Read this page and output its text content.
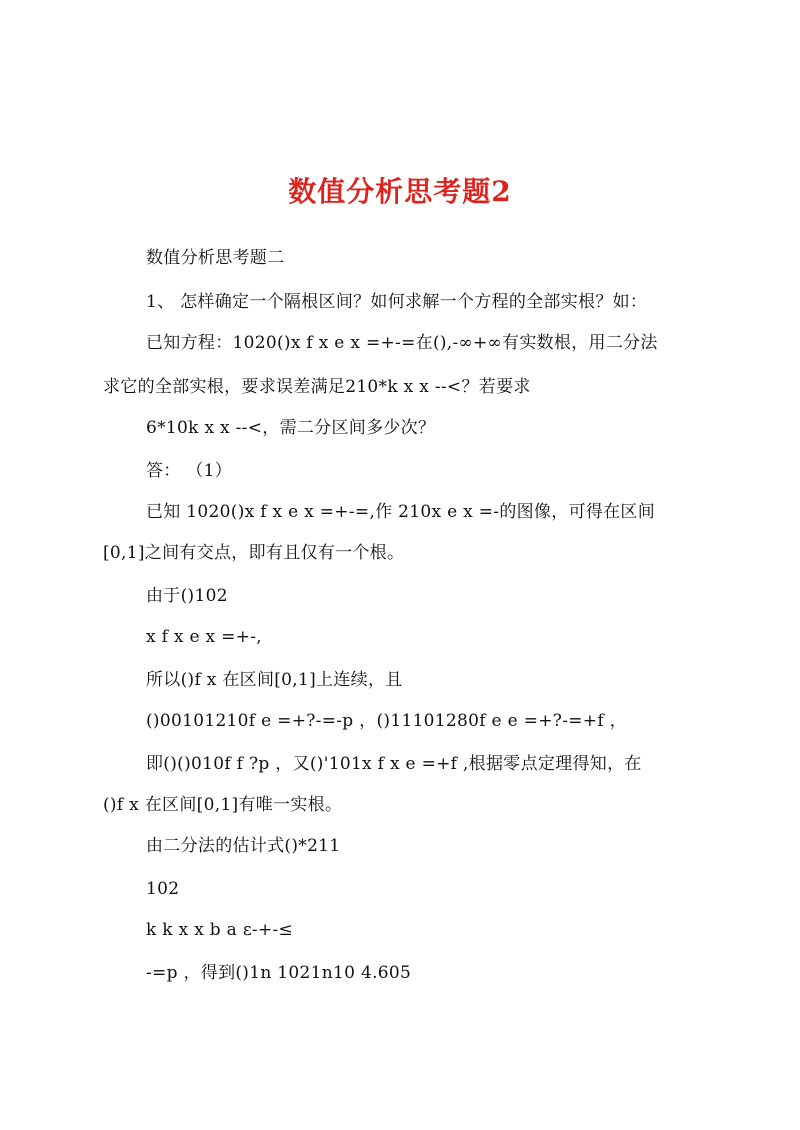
数值分析思考题2
数值分析思考题二
1、 怎样确定一个隔根区间？如何求解一个方程的全部实根？如：
已知方程：1020()x f x e x =+-=在(),-∞+∞有实数根，用二分法
求它的全部实根，要求误差满足210*k x x --<？若要求
6*10k x x --<，需二分区间多少次？
答： （1）
已知 1020()x f x e x =+-=,作 210x e x =-的图像，可得在区间
[0,1]之间有交点，即有且仅有一个根。
由于()102
x f x e x =+-,
所以()f x 在区间[0,1]上连续，且
()00101210f e =+?-=-p ，()11101280f e e =+?-=+f ，
即()()010f f ?p ，又()'101x f x e =+f ,根据零点定理得知，在
()f x 在区间[0,1]有唯一实根。
由二分法的估计式()*211
102
k k x x b a ε-+-≤
-=p ，得到()1n 1021n10 4.605
